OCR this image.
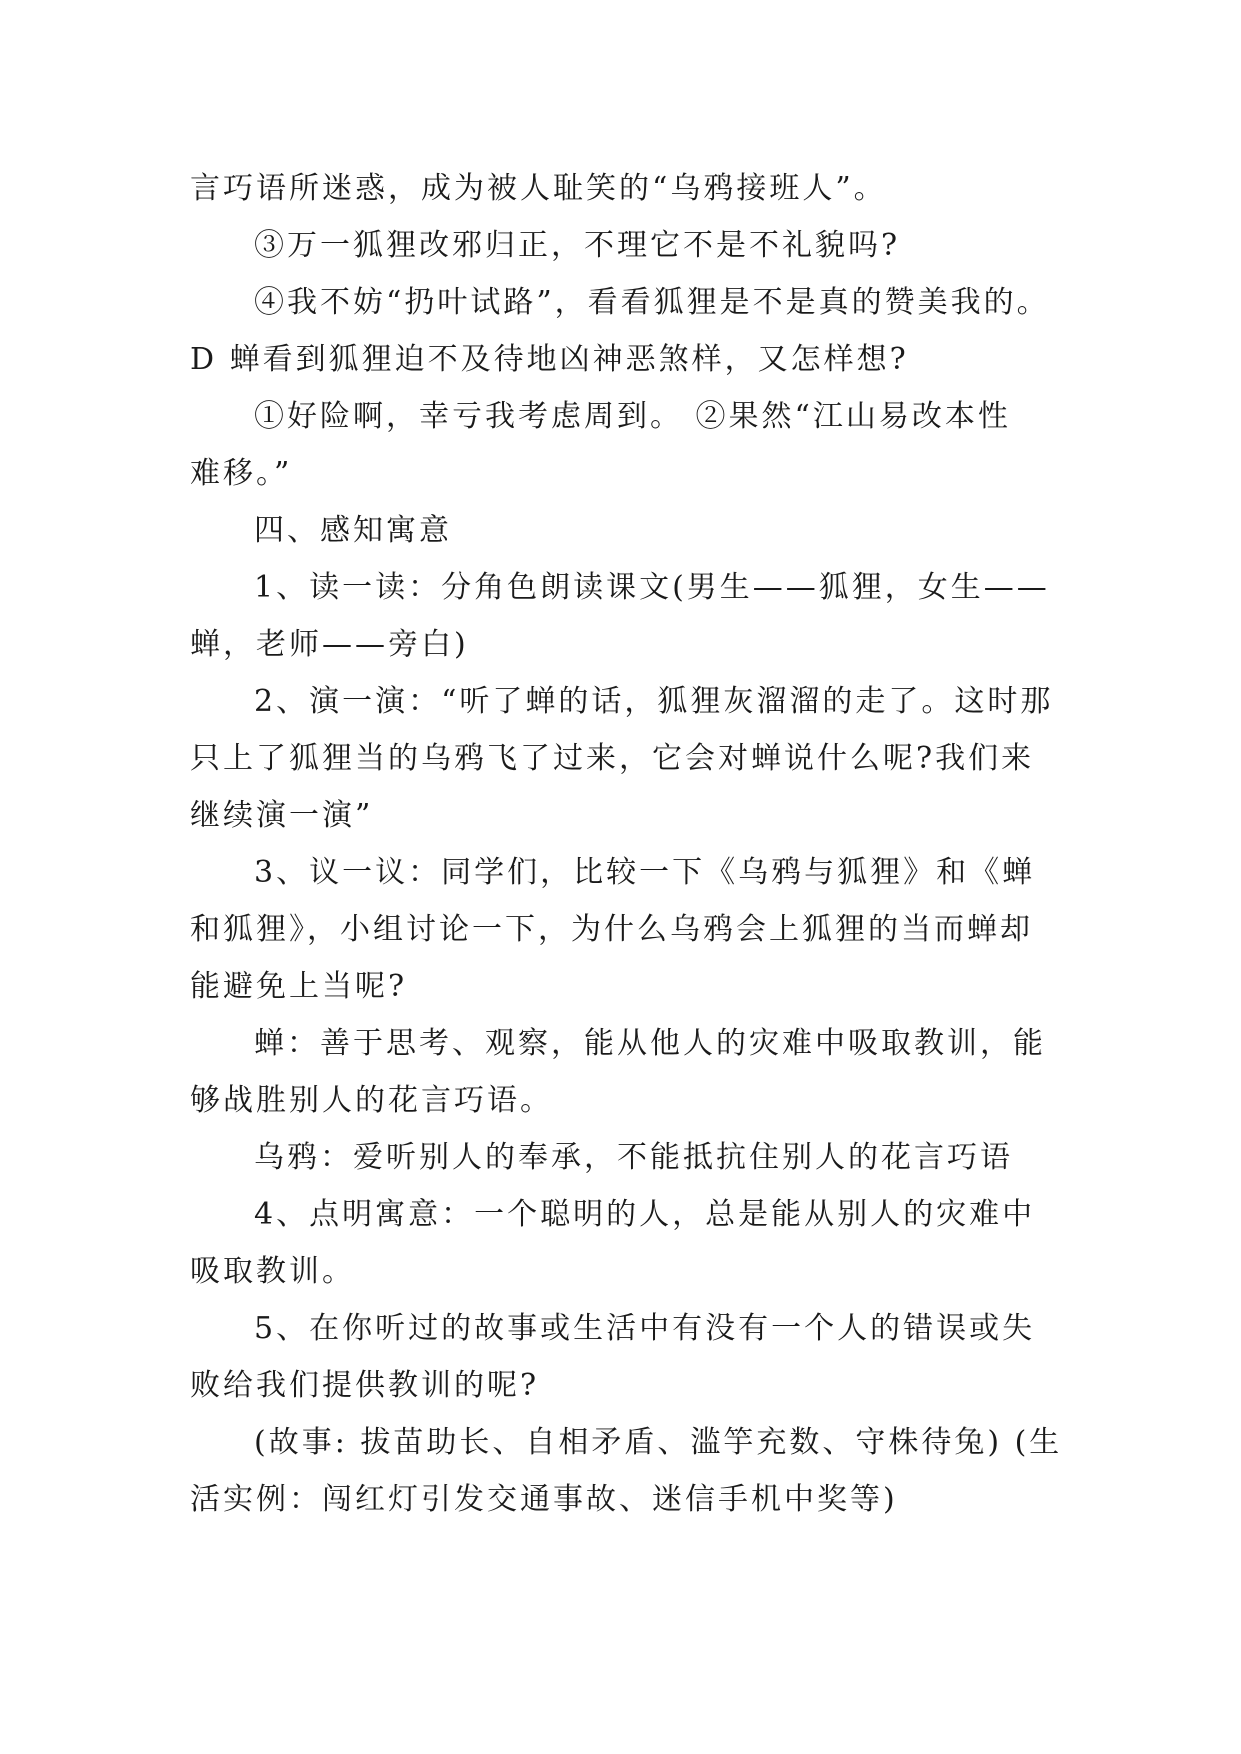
言巧语所迷惑，成为被人耻笑的“乌鸦接班人”。
③万一狐狸改邪归正，不理它不是不礼貌吗?
④我不妨“扔叶试路”，看看狐狸是不是真的赞美我的。
D 蝉看到狐狸迫不及待地凶神恶煞样，又怎样想?
①好险啊，幸亏我考虑周到。 ②果然“江山易改本性
难移。”
四、感知寓意
1、读一读：分角色朗读课文(男生——狐狸，女生——
蝉，老师——旁白)
2、演一演：“听了蝉的话，狐狸灰溜溜的走了。这时那
只上了狐狸当的乌鸦飞了过来，它会对蝉说什么呢?我们来
继续演一演”
3、议一议：同学们，比较一下《乌鸦与狐狸》和《蝉
和狐狸》，小组讨论一下，为什么乌鸦会上狐狸的当而蝉却
能避免上当呢?
蝉：善于思考、观察，能从他人的灾难中吸取教训，能
够战胜别人的花言巧语。
乌鸦：爱听别人的奉承，不能抵抗住别人的花言巧语
4、点明寓意：一个聪明的人，总是能从别人的灾难中
吸取教训。
5、在你听过的故事或生活中有没有一个人的错误或失
败给我们提供教训的呢?
(故事: 拔苗助长、自相矛盾、滥竽充数、守株待兔) (生
活实例：闯红灯引发交通事故、迷信手机中奖等)
